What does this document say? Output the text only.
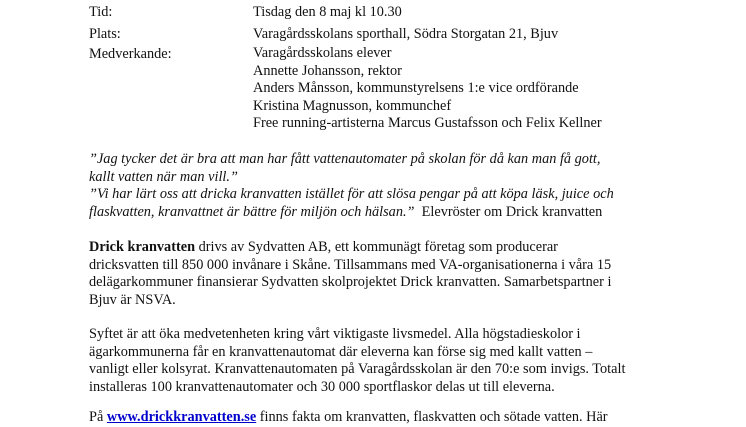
Tid:	Tisdag den 8 maj kl 10.30
Plats:	Varagårdsskolans sporthall, Södra Storgatan 21, Bjuv
Medverkande:	Varagårdsskolans elever
Annette Johansson, rektor
Anders Månsson, kommunstyrelsens 1:e vice ordförande
Kristina Magnusson, kommunchef
Free running-artisterna Marcus Gustafsson och Felix Kellner
”Jag tycker det är bra att man har fått vattenautomater på skolan för då kan man få gott,
kallt vatten när man vill.”
”Vi har lärt oss att dricka kranvatten istället för att slösa pengar på att köpa läsk, juice och
flaskvatten, kranvattnet är bättre för miljön och hälsan.” Elevröster om Drick kranvatten
Drick kranvatten drivs av Sydvatten AB, ett kommunägt företag som producerar
dricksvatten till 850 000 invånare i Skåne. Tillsammans med VA-organisationerna i våra 15
delägarkommuner finansierar Sydvatten skolprojektet Drick kranvatten. Samarbetspartner i
Bjuv är NSVA.
Syftet är att öka medvetenheten kring vårt viktigaste livsmedel. Alla högstadieskolor i
ägarkommunerna får en kranvattenautomat där eleverna kan förse sig med kallt vatten –
vanligt eller kolsyrat. Kranvattenautomaten på Varagårdsskolan är den 70:e som invigs. Totalt
installeras 100 kranvattenautomater och 30 000 sportflaskor delas ut till eleverna.
På www.drickkranvatten.se finns fakta om kranvatten, flaskvatten och sötade vatten. Här
